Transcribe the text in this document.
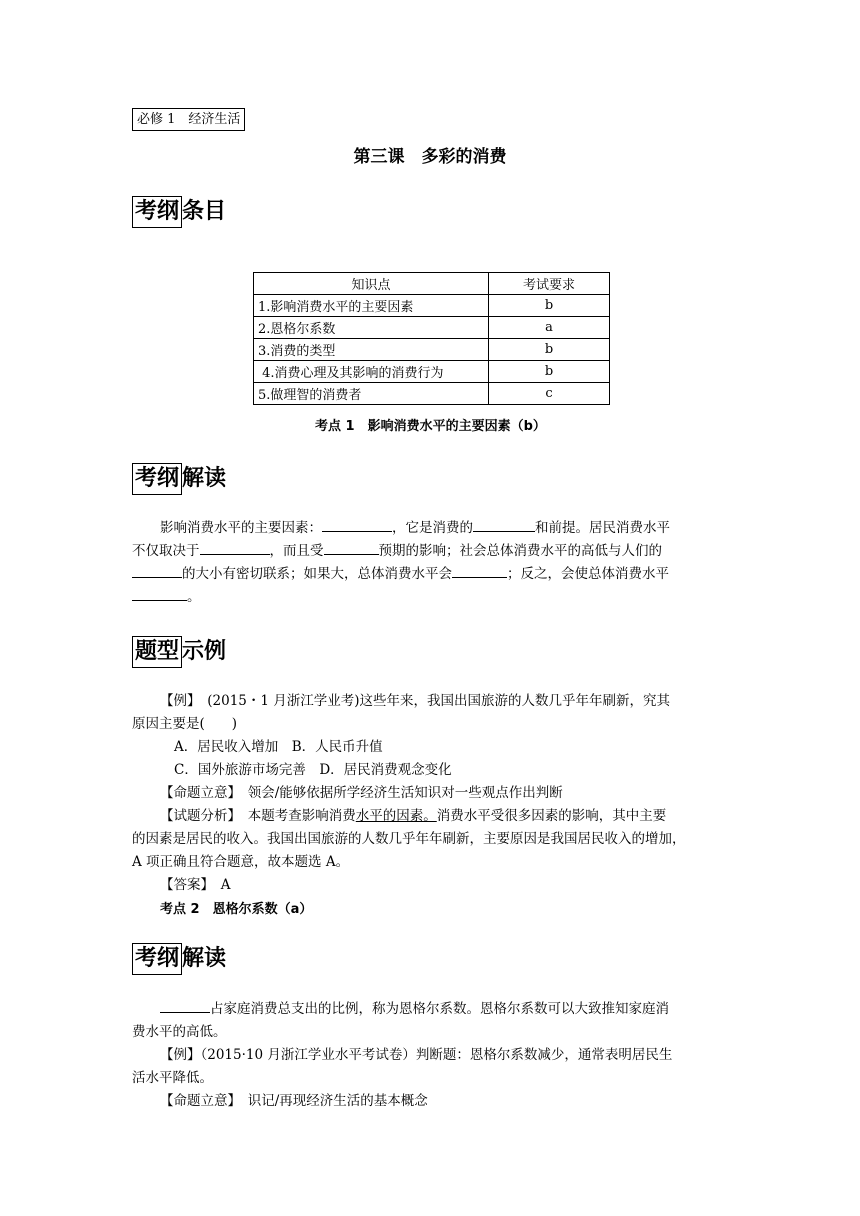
必修 1　经济生活
第三课　多彩的消费
考纲 条目
知识点	考试要求
1.影响消费水平的主要因素	b
2.恩格尔系数	a
3.消费的类型	b
4.消费心理及其影响的消费行为	b
5.做理智的消费者	c
考点 1　影响消费水平的主要因素（b）
考纲 解读
影响消费水平的主要因素：	，它是消费的	和前提。居民消费水平
不仅取决于	，而且受	预期的影响；社会总体消费水平的高低与人们的
的大小有密切联系；如果大，总体消费水平会	；反之，会使总体消费水平
。
题型 示例
【例】　(2015・1 月浙江学业考)这些年来，我国出国旅游的人数几乎年年刷新，究其
原因主要是(　　)
A．居民收入增加　 B．人民币升值
C．国外旅游市场完善　 D．居民消费观念变化
【命题立意】　领会/能够依据所学经济生活知识对一些观点作出判断
【试题分析】　本题考查影响消费水平的因素。消费水平受很多因素的影响，其中主要
的因素是居民的收入。我国出国旅游的人数几乎年年刷新，主要原因是我国居民收入的增加，
A 项正确且符合题意，故本题选 A。
【答案】　A
考点 2　恩格尔系数（a）
考纲 解读
占家庭消费总支出的比例，称为恩格尔系数。恩格尔系数可以大致推知家庭消
费水平的高低。
【例】（2015·10 月浙江学业水平考试卷）判断题：恩格尔系数减少，通常表明居民生
活水平降低。
【命题立意】　识记/再现经济生活的基本概念
